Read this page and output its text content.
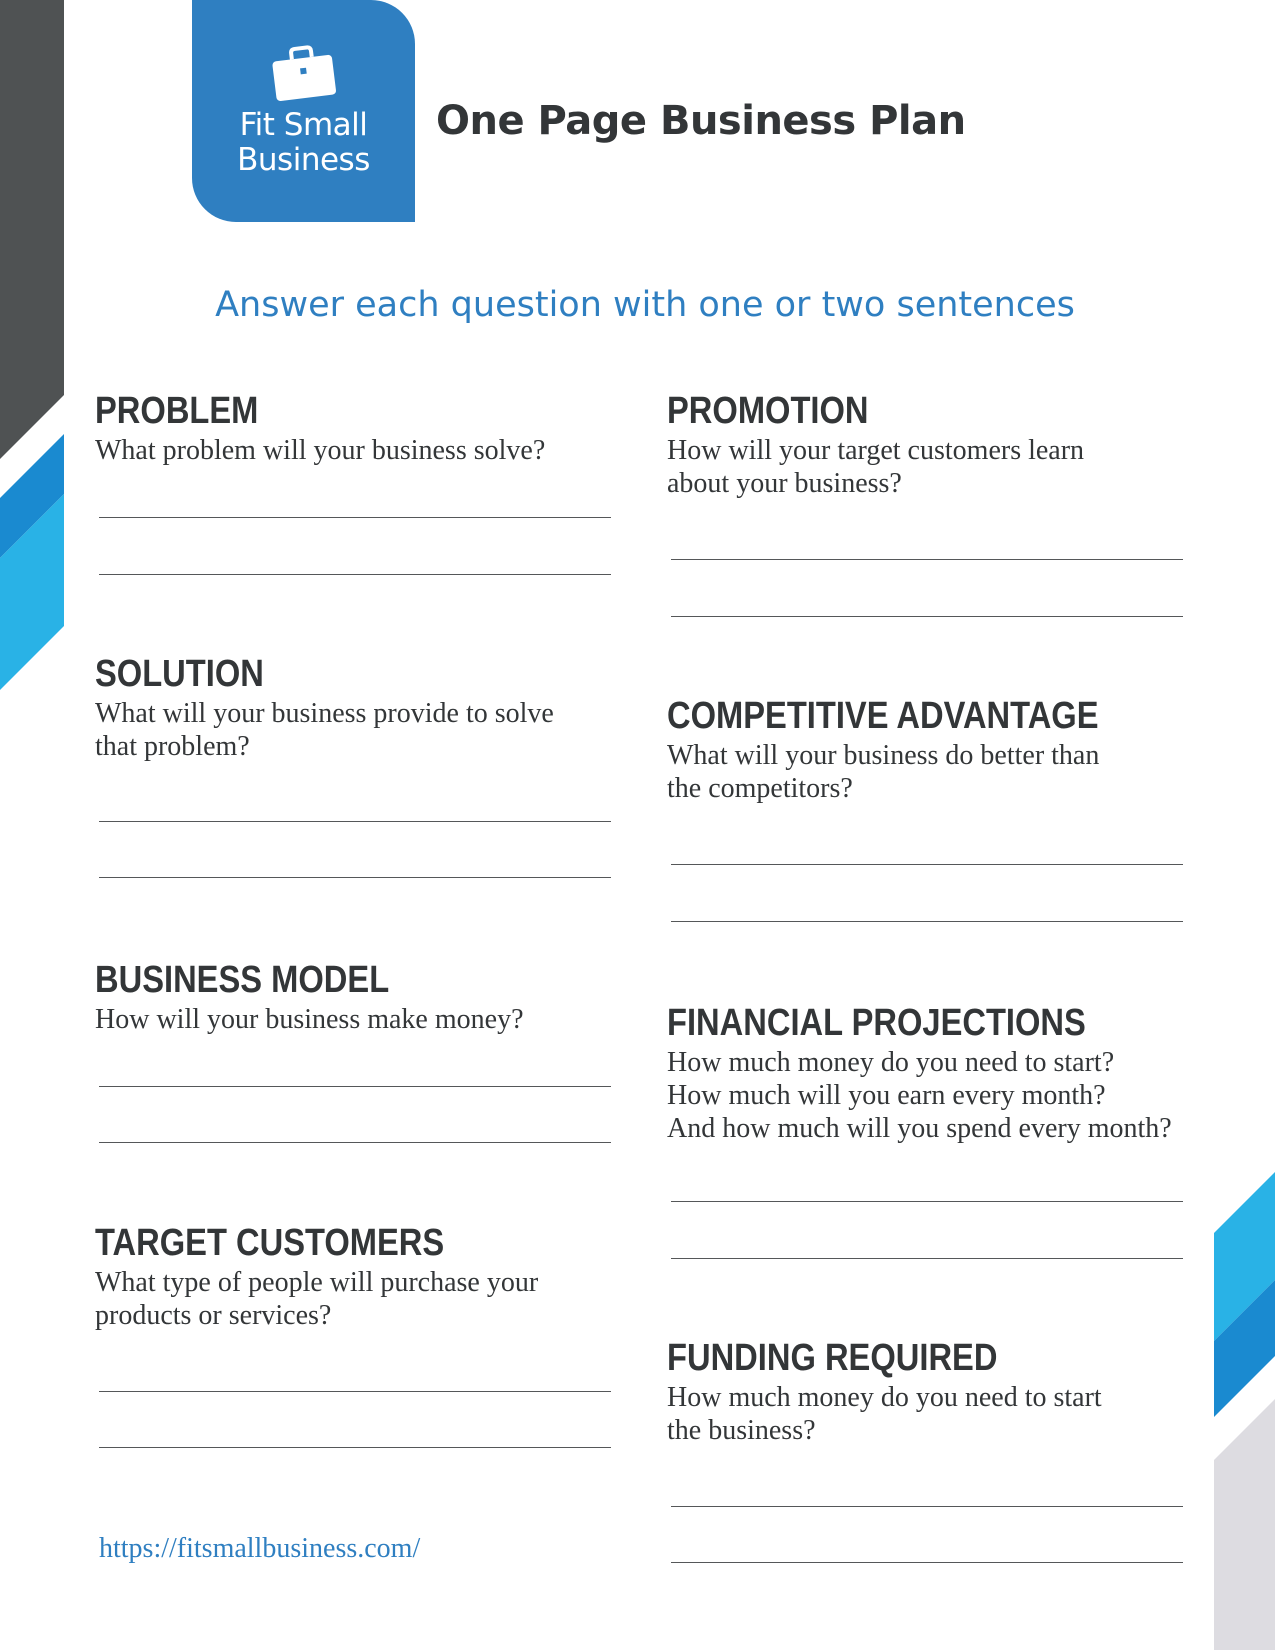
Fit Small
Business
One Page Business Plan

Answer each question with one or two sentences

PROBLEM
What problem will your business solve?
SOLUTION
What will your business provide to solve
that problem?
BUSINESS MODEL
How will your business make money?
TARGET CUSTOMERS
What type of people will purchase your
products or services?
PROMOTION
How will your target customers learn
about your business?
COMPETITIVE ADVANTAGE
What will your business do better than
the competitors?
FINANCIAL PROJECTIONS
How much money do you need to start?
How much will you earn every month?
And how much will you spend every month?
FUNDING REQUIRED
How much money do you need to start
the business?
https://fitsmallbusiness.com/
